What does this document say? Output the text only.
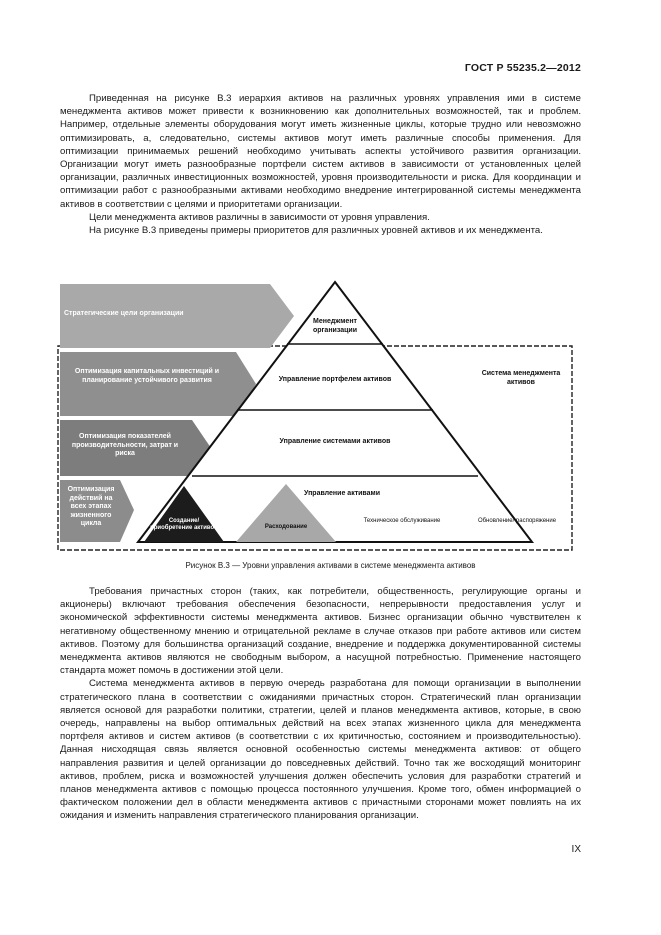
ГОСТ Р 55235.2—2012

Приведенная на рисунке В.3 иерархия активов на различных уровнях управления ими в системе менеджмента активов может привести к возникновению как дополнительных возможностей, так и проблем. Например, отдельные элементы оборудования могут иметь жизненные циклы, которые трудно или невозможно оптимизировать, а, следовательно, системы активов могут иметь различные способы применения. Для оптимизации принимаемых решений необходимо учитывать аспекты устойчивого развития организации. Организации могут иметь разнообразные портфели систем активов в зависимости от установленных целей организации, различных инвестиционных возможностей, уровня производительности и риска. Для координации и оптимизации работ с разнообразными активами необходимо внедрение интегрированной системы менеджмента активов в соответствии с целями и приоритетами организации.

Цели менеджмента активов различны в зависимости от уровня управления.

На рисунке В.3 приведены примеры приоритетов для различных уровней активов и их менеджмента.

Стратегические цели организации
Оптимизация капитальных инвестиций и планирование устойчивого развития
Оптимизация показателей производительности, затрат и риска
Оптимизация действий на всех этапах жизненного цикла
Менеджмент организации
Управление портфелем активов
Управление системами активов
Управление активами
Система менеджмента активов
Создание/ приобретение активов	Расходование
Техническое обслуживание	Обновление/ распоряжение
Рисунок В.3 — Уровни управления активами в системе менеджмента активов

Требования причастных сторон (таких, как потребители, общественность, регулирующие органы и акционеры) включают требования обеспечения безопасности, непрерывности предоставления услуг и экономической эффективности системы менеджмента активов. Бизнес организации обычно чувствителен к негативному общественному мнению и отрицательной рекламе в случае отказов при работе активов или систем активов. Поэтому для большинства организаций создание, внедрение и поддержка документированной системы менеджмента активов являются не свободным выбором, а насущной потребностью. Применение настоящего стандарта может помочь в достижении этой цели.

Система менеджмента активов в первую очередь разработана для помощи организации в выполнении стратегического плана в соответствии с ожиданиями причастных сторон. Стратегический план организации является основой для разработки политики, стратегии, целей и планов менеджмента активов, которые, в свою очередь, направлены на выбор оптимальных действий на всех этапах жизненного цикла для менеджмента портфеля активов и систем активов (в соответствии с их критичностью, состоянием и производительностью). Данная нисходящая связь является основной особенностью системы менеджмента активов: от общего направления развития и целей организации до повседневных действий. Точно так же восходящий мониторинг активов, проблем, риска и возможностей улучшения должен обеспечить условия для разработки стратегий и планов менеджмента активов с помощью процесса постоянного улучшения. Кроме того, обмен информацией о фактическом положении дел в области менеджмента активов с причастными сторонами может повлиять на их ожидания и изменить направления стратегического планирования организации.

IX
